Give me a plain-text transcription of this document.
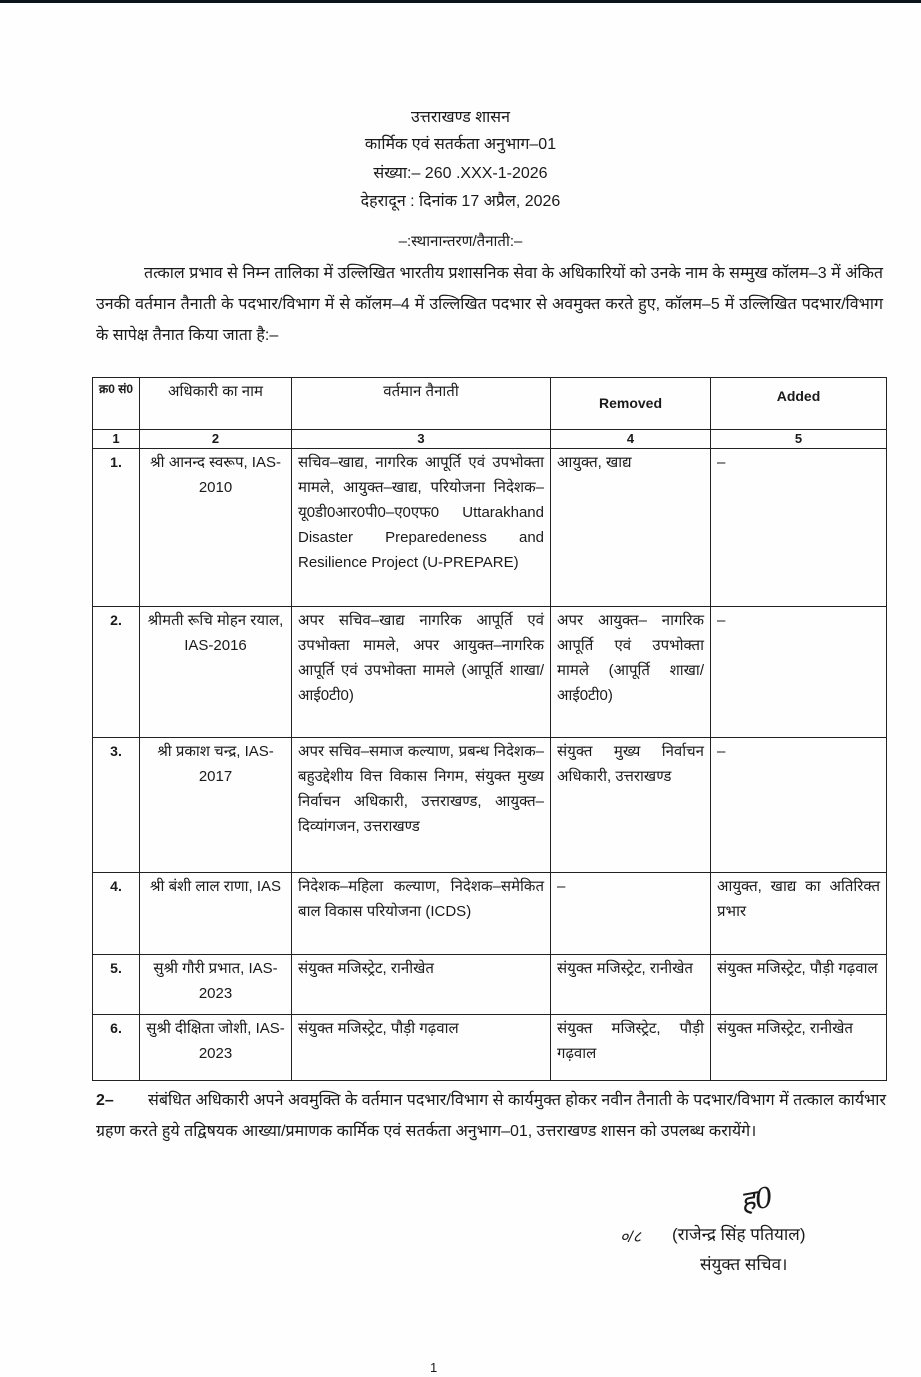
उत्तराखण्ड शासन
कार्मिक एवं सतर्कता अनुभाग–01
संख्या:– 260 .XXX-1-2026
देहरादून : दिनांक 17 अप्रैल, 2026
–:स्थानान्तरण/तैनाती:–
तत्काल प्रभाव से निम्न तालिका में उल्लिखित भारतीय प्रशासनिक सेवा के अधिकारियों को उनके नाम के सम्मुख कॉलम–3 में अंकित उनकी वर्तमान तैनाती के पदभार/विभाग में से कॉलम–4 में उल्लिखित पदभार से अवमुक्त करते हुए, कॉलम–5 में उल्लिखित पदभार/विभाग के सापेक्ष तैनात किया जाता है:–
क्र0 सं0	अधिकारी का नाम	वर्तमान तैनाती	Removed	Added
1	2	3	4	5
1.	श्री आनन्द स्वरूप, IAS-2010	सचिव–खाद्य, नागरिक आपूर्ति एवं उपभोक्ता मामले, आयुक्त–खाद्य, परियोजना निदेशक– यू0डी0आर0पी0–ए0एफ0 Uttarakhand Disaster Preparedeness and Resilience Project (U-PREPARE)	आयुक्त, खाद्य	–
2.	श्रीमती रूचि मोहन रयाल, IAS-2016	अपर सचिव–खाद्य नागरिक आपूर्ति एवं उपभोक्ता मामले, अपर आयुक्त–नागरिक आपूर्ति एवं उपभोक्ता मामले (आपूर्ति शाखा/ आई0टी0)	अपर आयुक्त– नागरिक आपूर्ति एवं उपभोक्ता मामले (आपूर्ति शाखा/ आई0टी0)	–
3.	श्री प्रकाश चन्द्र, IAS-2017	अपर सचिव–समाज कल्याण, प्रबन्ध निदेशक– बहुउद्देशीय वित्त विकास निगम, संयुक्त मुख्य निर्वाचन अधिकारी, उत्तराखण्ड, आयुक्त– दिव्यांगजन, उत्तराखण्ड	संयुक्त मुख्य निर्वाचन अधिकारी, उत्तराखण्ड	–
4.	श्री बंशी लाल राणा, IAS	निदेशक–महिला कल्याण, निदेशक–समेकित बाल विकास परियोजना (ICDS)	–	आयुक्त, खाद्य का अतिरिक्त प्रभार
5.	सुश्री गौरी प्रभात, IAS-2023	संयुक्त मजिस्ट्रेट, रानीखेत	संयुक्त मजिस्ट्रेट, रानीखेत	संयुक्त मजिस्ट्रेट, पौड़ी गढ़वाल
6.	सुश्री दीक्षिता जोशी, IAS-2023	संयुक्त मजिस्ट्रेट, पौड़ी गढ़वाल	संयुक्त मजिस्ट्रेट, पौड़ी गढ़वाल	संयुक्त मजिस्ट्रेट, रानीखेत
2– संबंधित अधिकारी अपने अवमुक्ति के वर्तमान पदभार/विभाग से कार्यमुक्त होकर नवीन तैनाती के पदभार/विभाग में तत्काल कार्यभार ग्रहण करते हुये तद्विषयक आख्या/प्रमाणक कार्मिक एवं सतर्कता अनुभाग–01, उत्तराखण्ड शासन को उपलब्ध करायेंगे।
ह0
०/८ (राजेन्द्र सिंह पतियाल)
संयुक्त सचिव।
1
